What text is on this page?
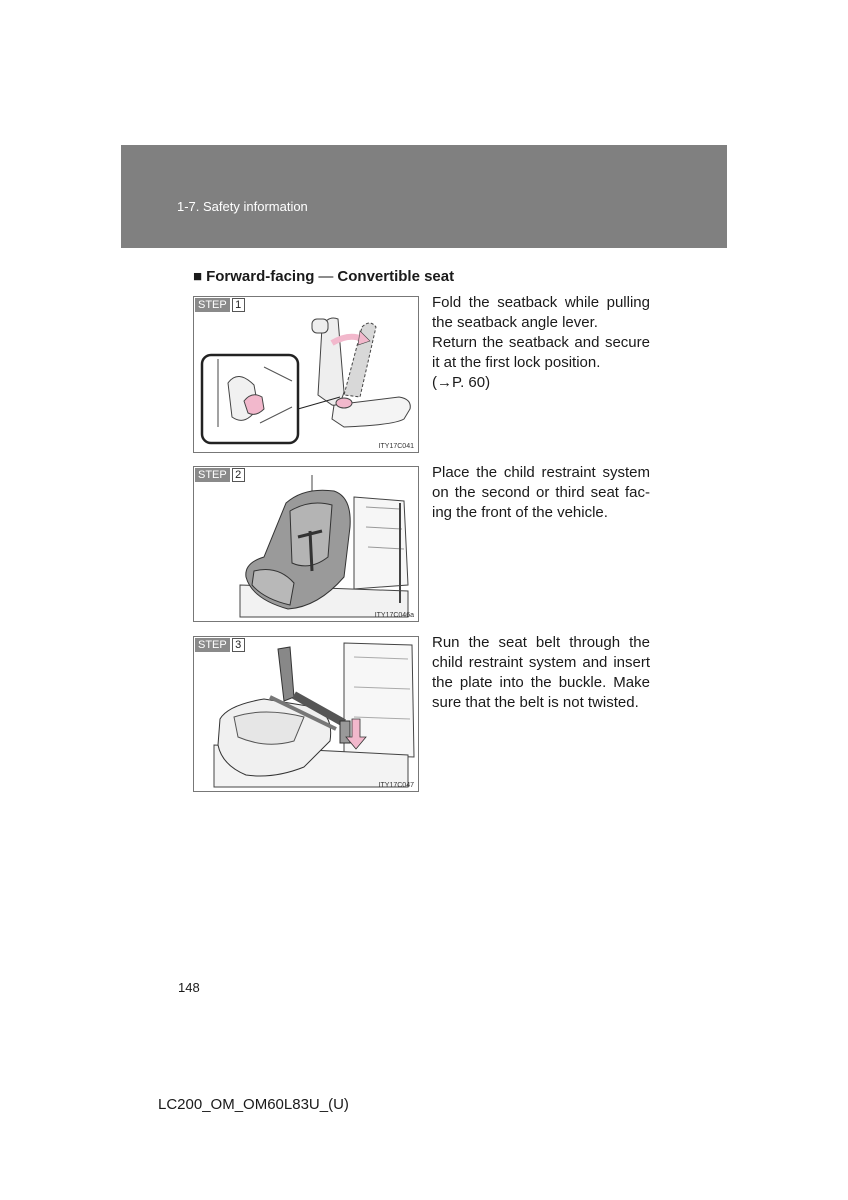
1-7. Safety information
■ Forward-facing — Convertible seat
STEP 1
ITY17C041

Fold the seatback while pulling the seatback angle lever.

Return the seatback and secure it at the first lock position.

(→P. 60)

STEP 2
ITY17C046a

Place the child restraint system on the second or third seat fac-ing the front of the vehicle.

STEP 3
ITY17C047

Run the seat belt through the child restraint system and insert the plate into the buckle. Make sure that the belt is not twisted.

148
LC200_OM_OM60L83U_(U)
